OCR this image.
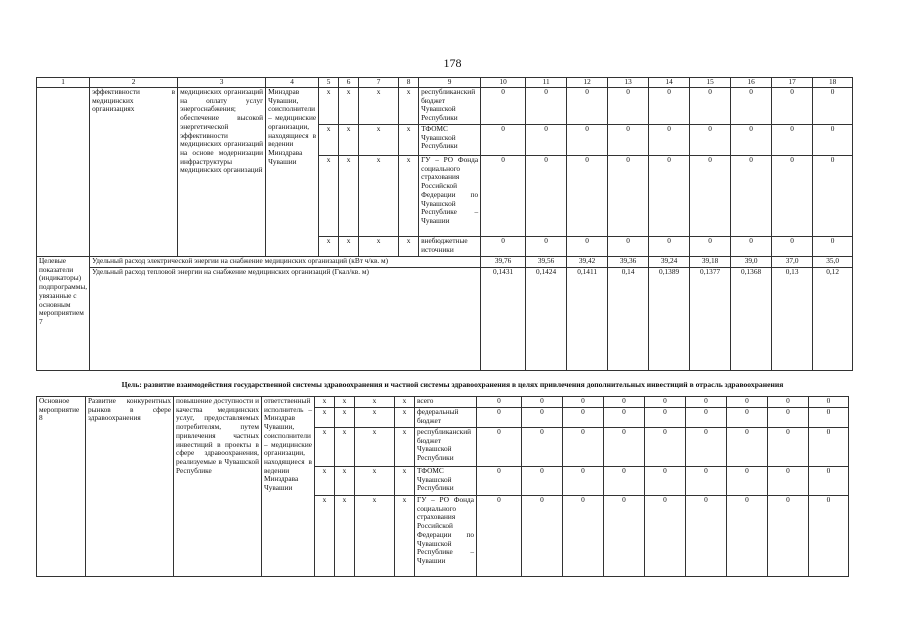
178
1	2	3	4	5	6	7	8	9	10	11	12	13	14	15	16	17	18
	эффективности в медицинских организациях	медицинских организаций на оплату услуг энергоснабжения; обеспечение высокой энергетической эффективности медицинских организаций на основе модернизации инфраструктуры медицинских организаций	Минздрав Чувашии, соисполнители – медицинские организации, находящиеся в ведении Минздрава Чувашии	x	x	x	x	республиканский бюджет Чувашской Республики	0	0	0	0	0	0	0	0	0
				x	x	x	x	ТФОМС Чувашской Республики	0	0	0	0	0	0	0	0	0
				x	x	x	x	ГУ – РО Фонда социального страхования Российской Федерации по Чувашской Республике – Чувашии	0	0	0	0	0	0	0	0	0
				x	x	x	x	внебюджетные источники	0	0	0	0	0	0	0	0	0
Целевые показатели (индикаторы) подпрограммы, увязанные с основным мероприятием 7	Удельный расход электрической энергии на снабжение медицинских организаций (кВт ч/кв. м)								39,76	39,56	39,42	39,36	39,24	39,18	39,0	37,0	35,0
	Удельный расход тепловой энергии на снабжение медицинских организаций (Гкал/кв. м)								0,1431	0,1424	0,1411	0,14	0,1389	0,1377	0,1368	0,13	0,12
Цель: развитие взаимодействия государственной системы здравоохранения и частной системы здравоохранения в целях привлечения дополнительных инвестиций в отрасль здравоохранения
Основное мероприятие 8	Развитие конкурентных рынков в сфере здравоохранения	повышение доступности и качества медицинских услуг, предоставляемых потребителям, путем привлечения частных инвестиций в проекты в сфере здравоохранения, реализуемые в Чувашской Республике	ответственный исполнитель – Минздрав Чувашии, соисполнители – медицинские организации, находящиеся в ведении Минздрава Чувашии	x	x	x	x	всего	0	0	0	0	0	0	0	0	0
				x	x	x	x	федеральный бюджет	0	0	0	0	0	0	0	0	0
				x	x	x	x	республиканский бюджет Чувашской Республики	0	0	0	0	0	0	0	0	0
				x	x	x	x	ТФОМС Чувашской Республики	0	0	0	0	0	0	0	0	0
				x	x	x	x	ГУ – РО Фонда социального страхования Российской Федерации по Чувашской Республике – Чувашии	0	0	0	0	0	0	0	0	0
